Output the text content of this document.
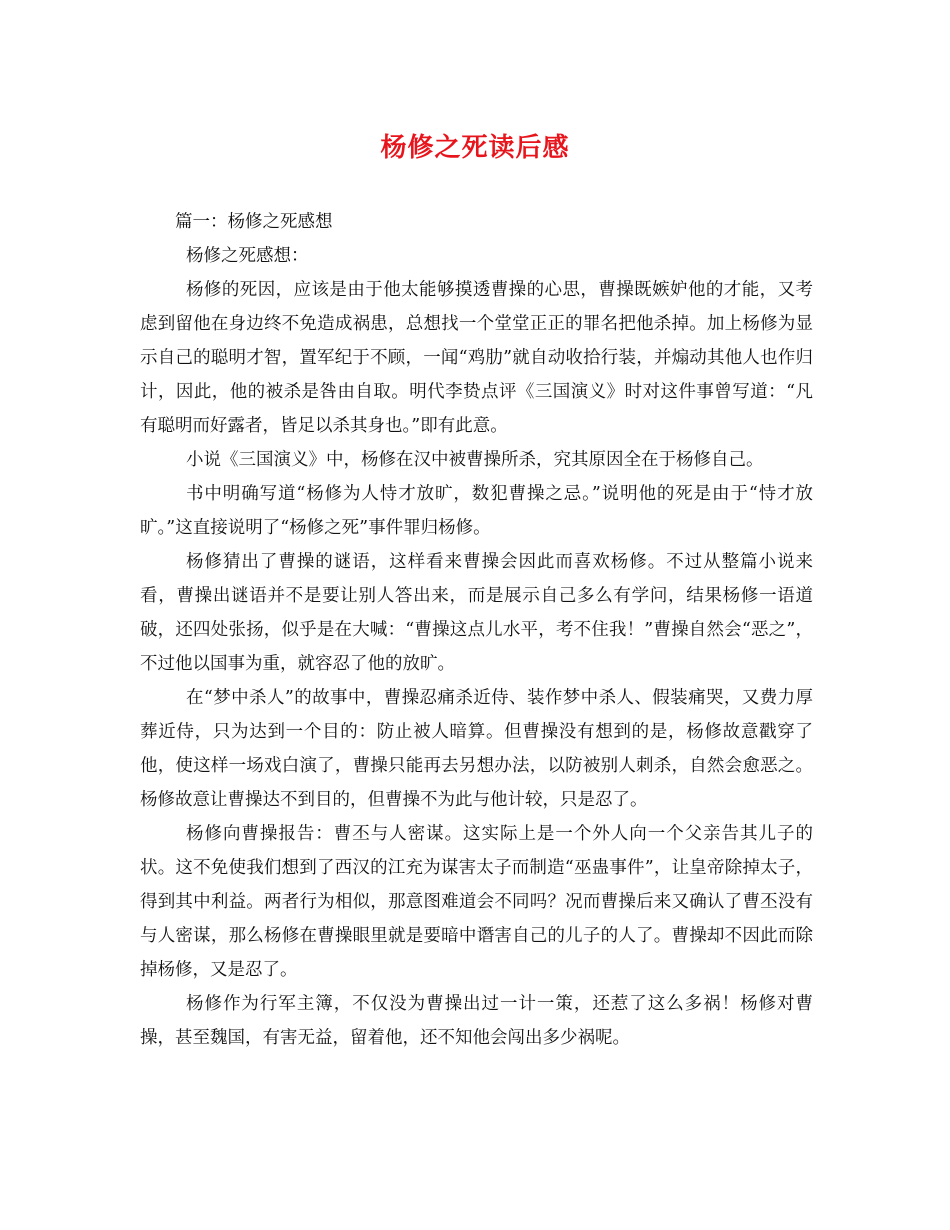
杨修之死读后感

篇一：杨修之死感想

杨修之死感想：

杨修的死因，应该是由于他太能够摸透曹操的心思，曹操既嫉妒他的才能，又考虑到留他在身边终不免造成祸患，总想找一个堂堂正正的罪名把他杀掉。加上杨修为显示自己的聪明才智，置军纪于不顾，一闻“鸡肋”就自动收拾行装，并煽动其他人也作归计，因此，他的被杀是咎由自取。明代李贽点评《三国演义》时对这件事曾写道：“凡有聪明而好露者，皆足以杀其身也。”即有此意。

小说《三国演义》中，杨修在汉中被曹操所杀，究其原因全在于杨修自己。

书中明确写道“杨修为人恃才放旷，数犯曹操之忌。”说明他的死是由于“恃才放旷。”这直接说明了“杨修之死”事件罪归杨修。

杨修猜出了曹操的谜语，这样看来曹操会因此而喜欢杨修。不过从整篇小说来看，曹操出谜语并不是要让别人答出来，而是展示自己多么有学问，结果杨修一语道破，还四处张扬，似乎是在大喊：“曹操这点儿水平，考不住我！”曹操自然会“恶之”，不过他以国事为重，就容忍了他的放旷。

在“梦中杀人”的故事中，曹操忍痛杀近侍、装作梦中杀人、假装痛哭，又费力厚葬近侍，只为达到一个目的：防止被人暗算。但曹操没有想到的是，杨修故意戳穿了他，使这样一场戏白演了，曹操只能再去另想办法，以防被别人刺杀，自然会愈恶之。杨修故意让曹操达不到目的，但曹操不为此与他计较，只是忍了。

杨修向曹操报告：曹丕与人密谋。这实际上是一个外人向一个父亲告其儿子的状。这不免使我们想到了西汉的江充为谋害太子而制造“巫蛊事件”，让皇帝除掉太子，得到其中利益。两者行为相似，那意图难道会不同吗？况而曹操后来又确认了曹丕没有与人密谋，那么杨修在曹操眼里就是要暗中谮害自己的儿子的人了。曹操却不因此而除掉杨修，又是忍了。

杨修作为行军主簿，不仅没为曹操出过一计一策，还惹了这么多祸！杨修对曹操，甚至魏国，有害无益，留着他，还不知他会闯出多少祸呢。
